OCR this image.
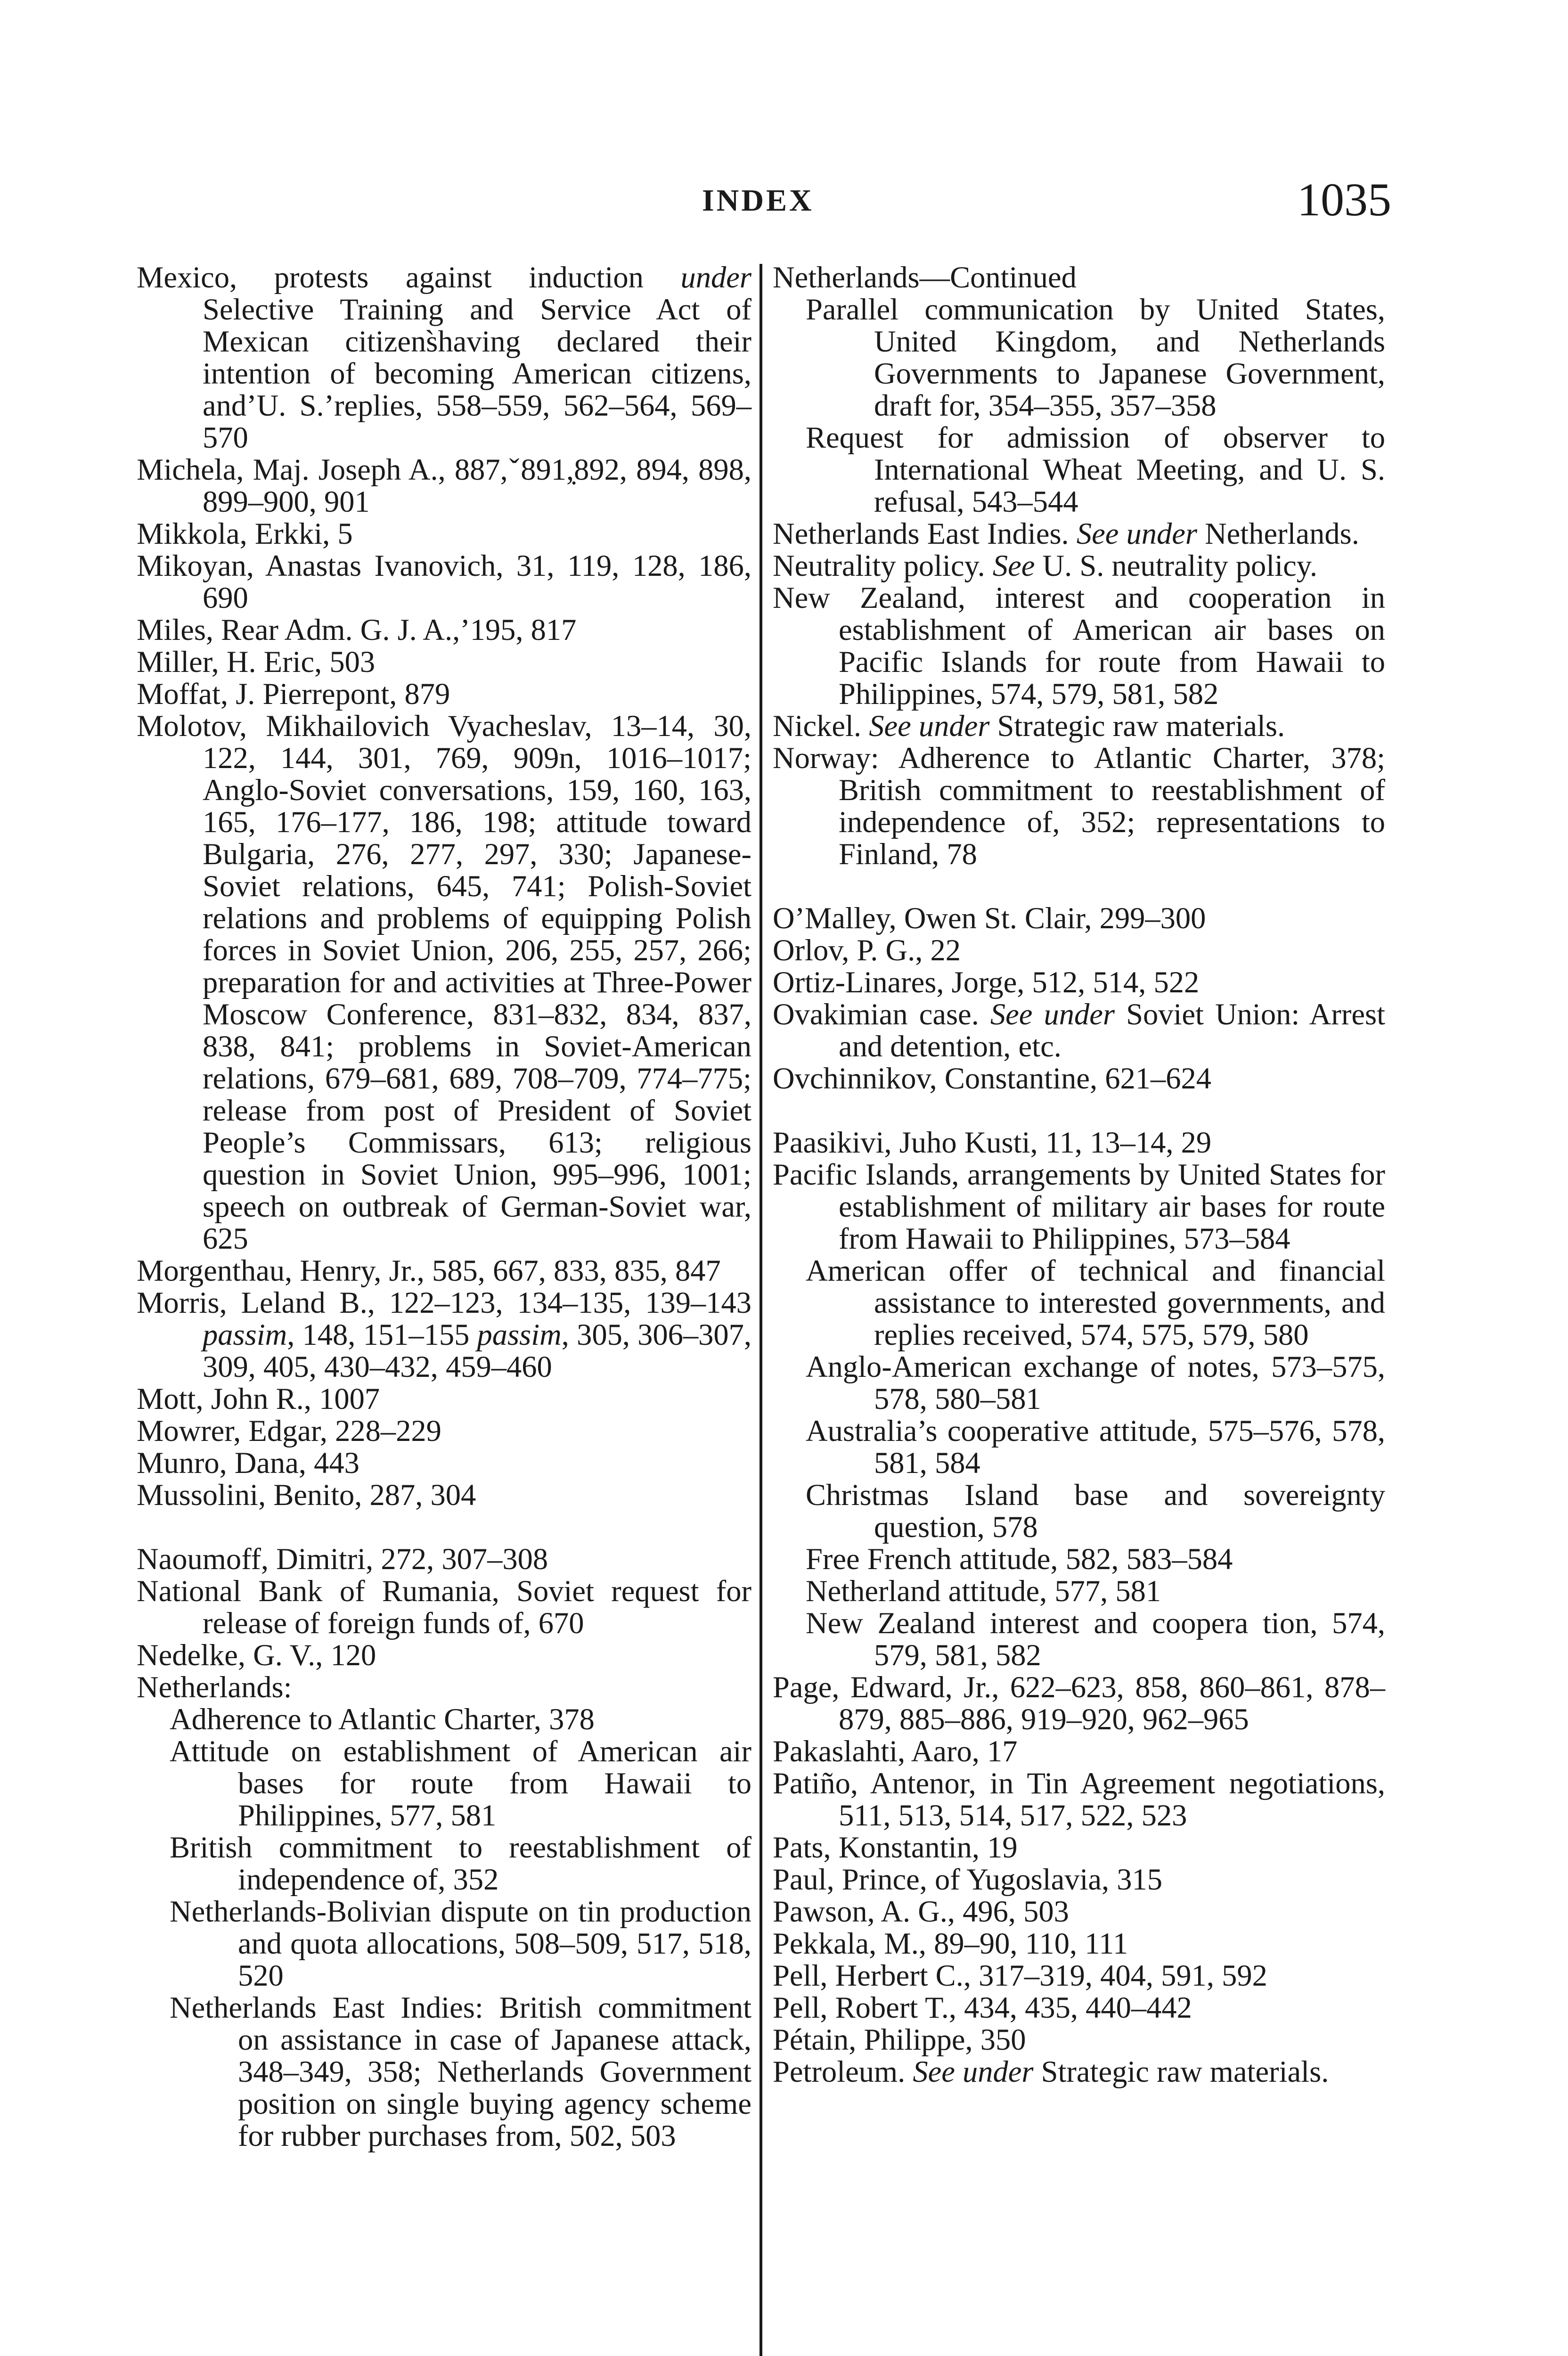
INDEX	1035
Mexico, protests against induction under Selective Training and Service Act of Mexican citizens̀having declared their intention of becoming American citizens, andʼU. S.’replies, 558–559, 562–564, 569–570
Michela, Maj. Joseph A., 887,ˇ891,̣892, 894, 898, 899–900, 901
Mikkola, Erkki, 5
Mikoyan, Anastas Ivanovich, 31, 119, 128, 186, 690
Miles, Rear Adm. G. J. A.,’195, 817
Miller, H. Eric, 503
Moffat, J. Pierrepont, 879
Molotov, Mikhailovich Vyacheslav, 13–14, 30, 122, 144, 301, 769, 909n, 1016–1017; Anglo-Soviet conversations, 159, 160, 163, 165, 176–177, 186, 198; attitude toward Bulgaria, 276, 277, 297, 330; Japanese-Soviet relations, 645, 741; Polish-Soviet relations and problems of equipping Polish forces in Soviet Union, 206, 255, 257, 266; preparation for and activities at Three-Power Moscow Conference, 831–832, 834, 837, 838, 841; problems in Soviet-American relations, 679–681, 689, 708–709, 774–775; release from post of President of Soviet People’s Commissars, 613; religious question in Soviet Union, 995–996, 1001; speech on outbreak of German-Soviet war, 625
Morgenthau, Henry, Jr., 585, 667, 833, 835, 847
Morris, Leland B., 122–123, 134–135, 139–143 passim, 148, 151–155 passim, 305, 306–307, 309, 405, 430–432, 459–460
Mott, John R., 1007
Mowrer, Edgar, 228–229
Munro, Dana, 443
Mussolini, Benito, 287, 304
Naoumoff, Dimitri, 272, 307–308
National Bank of Rumania, Soviet request for release of foreign funds of, 670
Nedelke, G. V., 120
Netherlands:
Adherence to Atlantic Charter, 378
Attitude on establishment of American air bases for route from Hawaii to Philippines, 577, 581
British commitment to reestablishment of independence of, 352
Netherlands-Bolivian dispute on tin production and quota allocations, 508–509, 517, 518, 520
Netherlands East Indies: British commitment on assistance in case of Japanese attack, 348–349, 358; Netherlands Government position on single buying agency scheme for rubber purchases from, 502, 503
Netherlands—Continued
Parallel communication by United States, United Kingdom, and Netherlands Governments to Japanese Government, draft for, 354–355, 357–358
Request for admission of observer to International Wheat Meeting, and U. S. refusal, 543–544
Netherlands East Indies. See under Netherlands.
Neutrality policy. See U. S. neutrality policy.
New Zealand, interest and cooperation in establishment of American air bases on Pacific Islands for route from Hawaii to Philippines, 574, 579, 581, 582
Nickel. See under Strategic raw materials.
Norway: Adherence to Atlantic Charter, 378; British commitment to reestablishment of independence of, 352; representations to Finland, 78
O’Malley, Owen St. Clair, 299–300
Orlov, P. G., 22
Ortiz-Linares, Jorge, 512, 514, 522
Ovakimian case. See under Soviet Union: Arrest and detention, etc.
Ovchinnikov, Constantine, 621–624
Paasikivi, Juho Kusti, 11, 13–14, 29
Pacific Islands, arrangements by United States for establishment of military air bases for route from Hawaii to Philippines, 573–584
American offer of technical and financial assistance to interested governments, and replies received, 574, 575, 579, 580
Anglo-American exchange of notes, 573–575, 578, 580–581
Australia’s cooperative attitude, 575–576, 578, 581, 584
Christmas Island base and sovereignty question, 578
Free French attitude, 582, 583–584
Netherland attitude, 577, 581
New Zealand interest and coopera tion, 574, 579, 581, 582
Page, Edward, Jr., 622–623, 858, 860–861, 878–879, 885–886, 919–920, 962–965
Pakaslahti, Aaro, 17
Patiño, Antenor, in Tin Agreement negotiations, 511, 513, 514, 517, 522, 523
Pats, Konstantin, 19
Paul, Prince, of Yugoslavia, 315
Pawson, A. G., 496, 503
Pekkala, M., 89–90, 110, 111
Pell, Herbert C., 317–319, 404, 591, 592
Pell, Robert T., 434, 435, 440–442
Pétain, Philippe, 350
Petroleum. See under Strategic raw materials.
